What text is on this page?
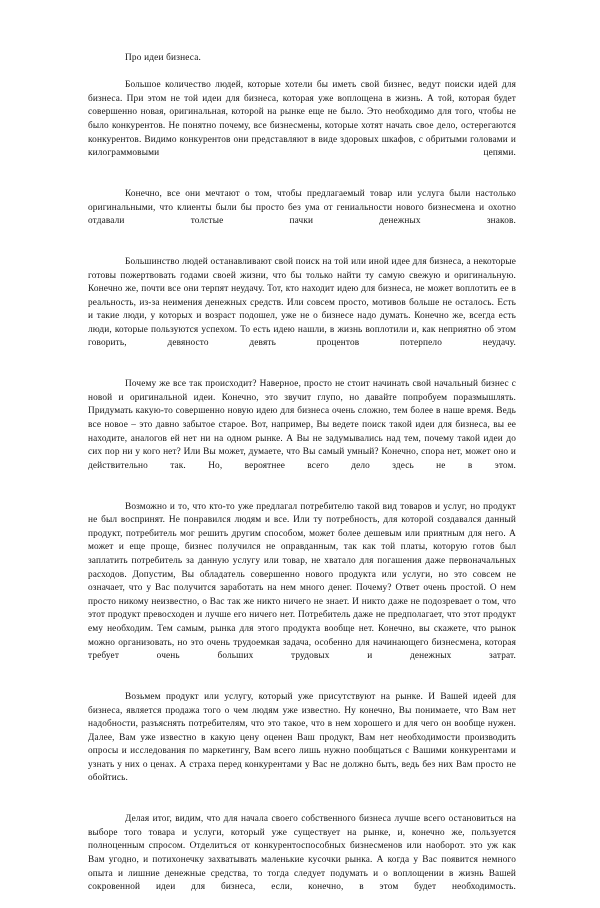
Про идеи бизнеса.

Большое количество людей, которые хотели бы иметь свой бизнес, ведут поиски идей для бизнеса. При этом не той идеи для бизнеса, которая уже воплощена в жизнь. А той, которая будет совершенно новая, оригинальная, которой на рынке еще не было. Это необходимо для того, чтобы не было конкурентов. Не понятно почему, все бизнесмены, которые хотят начать свое дело, остерегаются конкурентов. Видимо конкурентов они представляют в виде здоровых шкафов, с обритыми головами и килограммовыми цепями.

Конечно, все они мечтают о том, чтобы предлагаемый товар или услуга были настолько оригинальными, что клиенты были бы просто без ума от гениальности нового бизнесмена и охотно отдавали толстые пачки денежных знаков.

Большинство людей останавливают свой поиск на той или иной идее для бизнеса, а некоторые готовы пожертвовать годами своей жизни, что бы только найти ту самую свежую и оригинальную. Конечно же, почти все они терпят неудачу. Тот, кто находит идею для бизнеса, не может воплотить ее в реальность, из-за неимения денежных средств. Или совсем просто, мотивов больше не осталось. Есть и такие люди, у которых и возраст подошел, уже не о бизнесе надо думать. Конечно же, всегда есть люди, которые пользуются успехом. То есть идею нашли, в жизнь воплотили и, как неприятно об этом говорить, девяносто девять процентов потерпело неудачу.

Почему же все так происходит? Наверное, просто не стоит начинать свой начальный бизнес с новой и оригинальной идеи. Конечно, это звучит глупо, но давайте попробуем поразмышлять. Придумать какую-то совершенно новую идею для бизнеса очень сложно, тем более в наше время. Ведь все новое – это давно забытое старое. Вот, например, Вы ведете поиск такой идеи для бизнеса, вы ее находите, аналогов ей нет ни на одном рынке. А Вы не задумывались над тем, почему такой идеи до сих пор ни у кого нет? Или Вы может, думаете, что Вы самый умный? Конечно, спора нет, может оно и действительно так. Но, вероятнее всего дело здесь не в этом.

Возможно и то, что кто-то уже предлагал потребителю такой вид товаров и услуг, но продукт не был воспринят. Не понравился людям и все. Или ту потребность, для которой создавался данный продукт, потребитель мог решить другим способом, может более дешевым или приятным для него. А может и еще проще, бизнес получился не оправданным, так как той платы, которую готов был заплатить потребитель за данную услугу или товар, не хватало для погашения даже первоначальных расходов. Допустим, Вы обладатель совершенно нового продукта или услуги, но это совсем не означает, что у Вас получится заработать на нем много денег. Почему? Ответ очень простой. О нем просто никому неизвестно, о Вас так же никто ничего не знает. И никто даже не подозревает о том, что этот продукт превосходен и лучше его ничего нет. Потребитель даже не предполагает, что этот продукт ему необходим. Тем самым, рынка для этого продукта вообще нет. Конечно, вы скажете, что рынок можно организовать, но это очень трудоемкая задача, особенно для начинающего бизнесмена, которая требует очень больших трудовых и денежных затрат.

Возьмем продукт или услугу, который уже присутствуют на рынке. И Вашей идеей для бизнеса, является продажа того о чем людям уже известно. Ну конечно, Вы понимаете, что Вам нет надобности, разъяснять потребителям, что это такое, что в нем хорошего и для чего он вообще нужен. Далее, Вам уже известно в какую цену оценен Ваш продукт, Вам нет необходимости производить опросы и исследования по маркетингу, Вам всего лишь нужно пообщаться с Вашими конкурентами и узнать у них о ценах. А страха перед конкурентами у Вас не должно быть, ведь без них Вам просто не обойтись.

Делая итог, видим, что для начала своего собственного бизнеса лучше всего остановиться на выборе того товара и услуги, который уже существует на рынке, и, конечно же, пользуется полноценным спросом. Отделиться от конкурентоспособных бизнесменов или наоборот. это уж как Вам угодно, и потихонечку захватывать маленькие кусочки рынка. А когда у Вас появится немного опыта и лишние денежные средства, то тогда следует подумать и о воплощении в жизнь Вашей сокровенной идеи для бизнеса, если, конечно, в этом будет необходимость.
